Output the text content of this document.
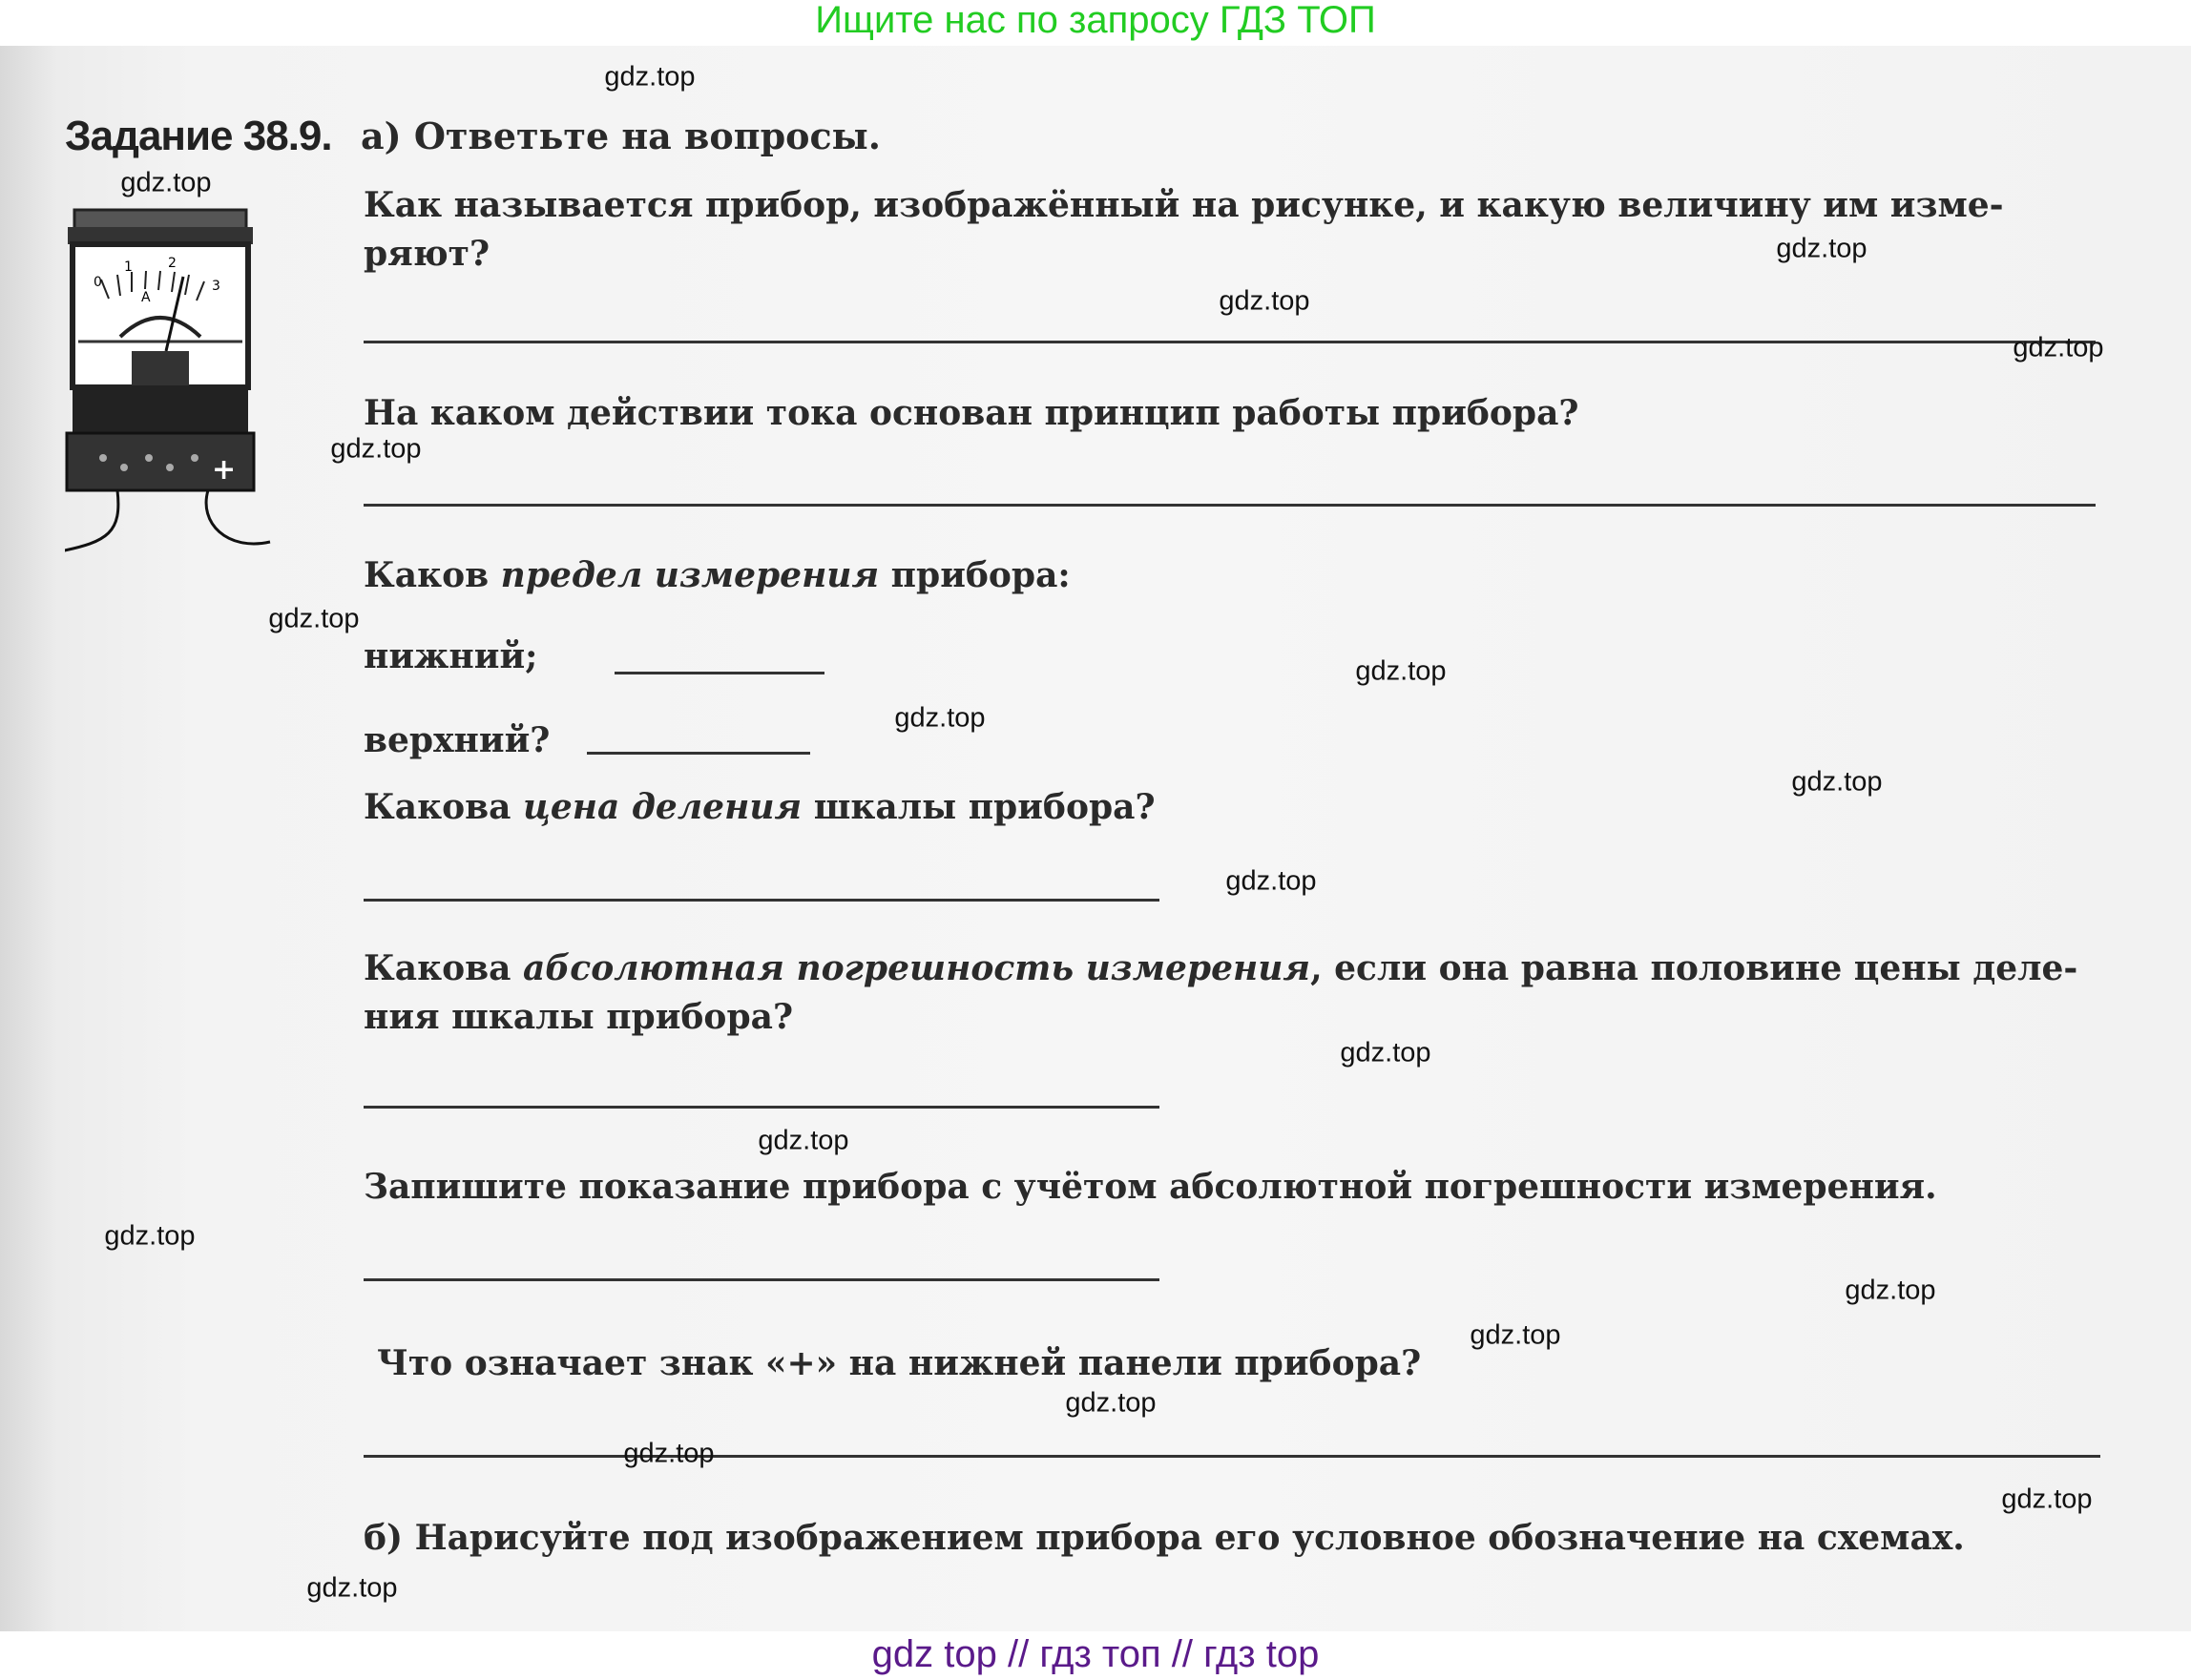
Ищите нас по запросу ГДЗ ТОП
Задание 38.9. а) Ответьте на вопросы.
0
1	2
3
A
+
Как называется прибор, изображённый на рисунке, и какую величину им изме-
ряют?
На каком действии тока основан принцип работы прибора?
Каков предел измерения прибора:
нижний;
верхний?
Какова цена деления шкалы прибора?
Какова абсолютная погрешность измерения, если она равна половине цены деле-
ния шкалы прибора?
Запишите показание прибора с учётом абсолютной погрешности измерения.
Что означает знак «+» на нижней панели прибора?
б) Нарисуйте под изображением прибора его условное обозначение на схемах.
gdz.top
gdz.top
gdz.top
gdz.top
gdz.top
gdz.top
gdz.top
gdz.top
gdz.top
gdz.top
gdz.top
gdz.top
gdz.top
gdz.top
gdz.top
gdz.top
gdz.top
gdz.top
gdz.top
gdz.top
gdz top // гдз топ // гдз top
